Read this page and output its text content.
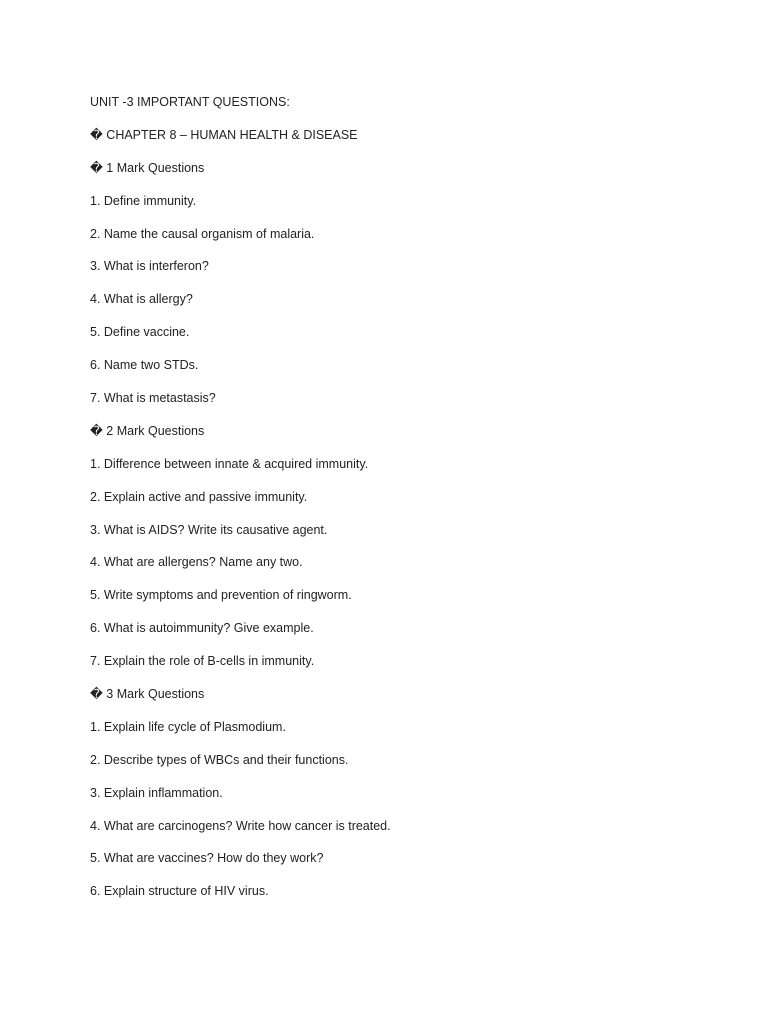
UNIT -3 IMPORTANT QUESTIONS:
� CHAPTER 8 – HUMAN HEALTH & DISEASE
� 1 Mark Questions
1. Define immunity.
2. Name the causal organism of malaria.
3. What is interferon?
4. What is allergy?
5. Define vaccine.
6. Name two STDs.
7. What is metastasis?
� 2 Mark Questions
1. Difference between innate & acquired immunity.
2. Explain active and passive immunity.
3. What is AIDS? Write its causative agent.
4. What are allergens? Name any two.
5. Write symptoms and prevention of ringworm.
6. What is autoimmunity? Give example.
7. Explain the role of B-cells in immunity.
� 3 Mark Questions
1. Explain life cycle of Plasmodium.
2. Describe types of WBCs and their functions.
3. Explain inflammation.
4. What are carcinogens? Write how cancer is treated.
5. What are vaccines? How do they work?
6. Explain structure of HIV virus.
